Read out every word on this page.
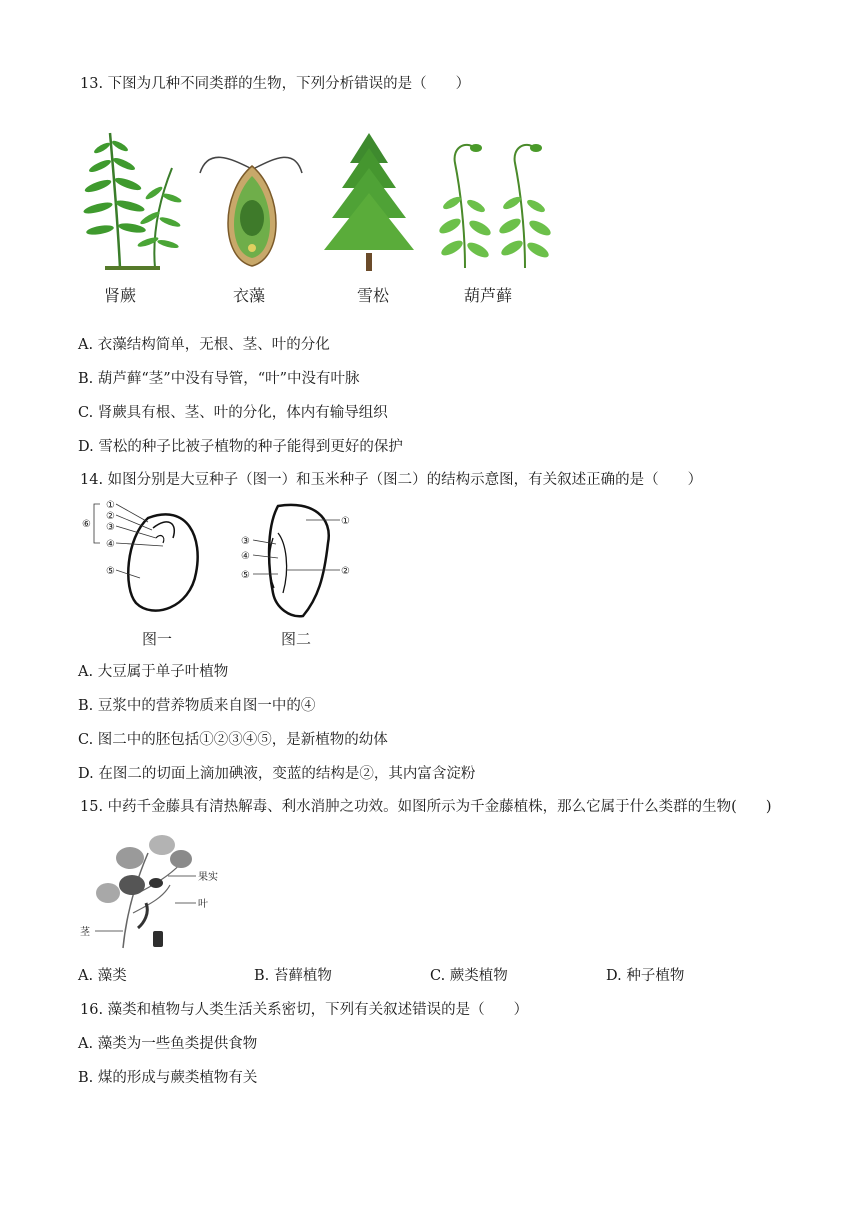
13. 下图为几种不同类群的生物，下列分析错误的是（　　）
肾蕨	衣藻	雪松	葫芦藓
A. 衣藻结构简单，无根、茎、叶的分化
B. 葫芦藓“茎”中没有导管，“叶”中没有叶脉
C. 肾蕨具有根、茎、叶的分化，体内有输导组织
D. 雪松的种子比被子植物的种子能得到更好的保护
14. 如图分别是大豆种子（图一）和玉米种子（图二）的结构示意图，有关叙述正确的是（　　）
①
②
③
④
⑤
⑥	①
②
③
④
⑤
图一	图二
A. 大豆属于单子叶植物
B. 豆浆中的营养物质来自图一中的④
C. 图二中的胚包括①②③④⑤，是新植物的幼体
D. 在图二的切面上滴加碘液，变蓝的结构是②，其内富含淀粉
15. 中药千金藤具有清热解毒、利水消肿之功效。如图所示为千金藤植株，那么它属于什么类群的生物(　　)
果实
叶
茎
A. 藻类	B. 苔藓植物	C. 蕨类植物	D. 种子植物
16. 藻类和植物与人类生活关系密切，下列有关叙述错误的是（　　）
A. 藻类为一些鱼类提供食物
B. 煤的形成与蕨类植物有关
